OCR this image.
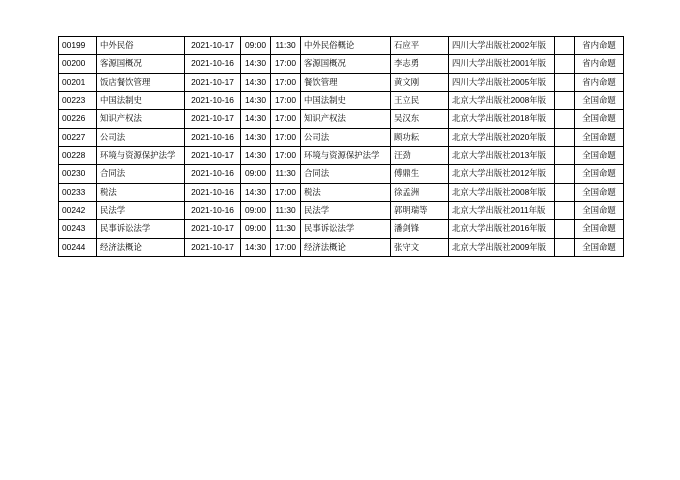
00199	中外民俗	2021-10-17	09:00	11:30	中外民俗概论	石应平	四川大学出版社2002年版		省内命题
00200	客源国概况	2021-10-16	14:30	17:00	客源国概况	李志勇	四川大学出版社2001年版		省内命题
00201	饭店餐饮管理	2021-10-17	14:30	17:00	餐饮管理	黄文刚	四川大学出版社2005年版		省内命题
00223	中国法制史	2021-10-16	14:30	17:00	中国法制史	王立民	北京大学出版社2008年版		全国命题
00226	知识产权法	2021-10-17	14:30	17:00	知识产权法	吴汉东	北京大学出版社2018年版		全国命题
00227	公司法	2021-10-16	14:30	17:00	公司法	顾功耘	北京大学出版社2020年版		全国命题
00228	环境与资源保护法学	2021-10-17	14:30	17:00	环境与资源保护法学	汪劲	北京大学出版社2013年版		全国命题
00230	合同法	2021-10-16	09:00	11:30	合同法	傅鼎生	北京大学出版社2012年版		全国命题
00233	税法	2021-10-16	14:30	17:00	税法	徐孟洲	北京大学出版社2008年版		全国命题
00242	民法学	2021-10-16	09:00	11:30	民法学	郭明瑞等	北京大学出版社2011年版		全国命题
00243	民事诉讼法学	2021-10-17	09:00	11:30	民事诉讼法学	潘剑锋	北京大学出版社2016年版		全国命题
00244	经济法概论	2021-10-17	14:30	17:00	经济法概论	张守文	北京大学出版社2009年版		全国命题
